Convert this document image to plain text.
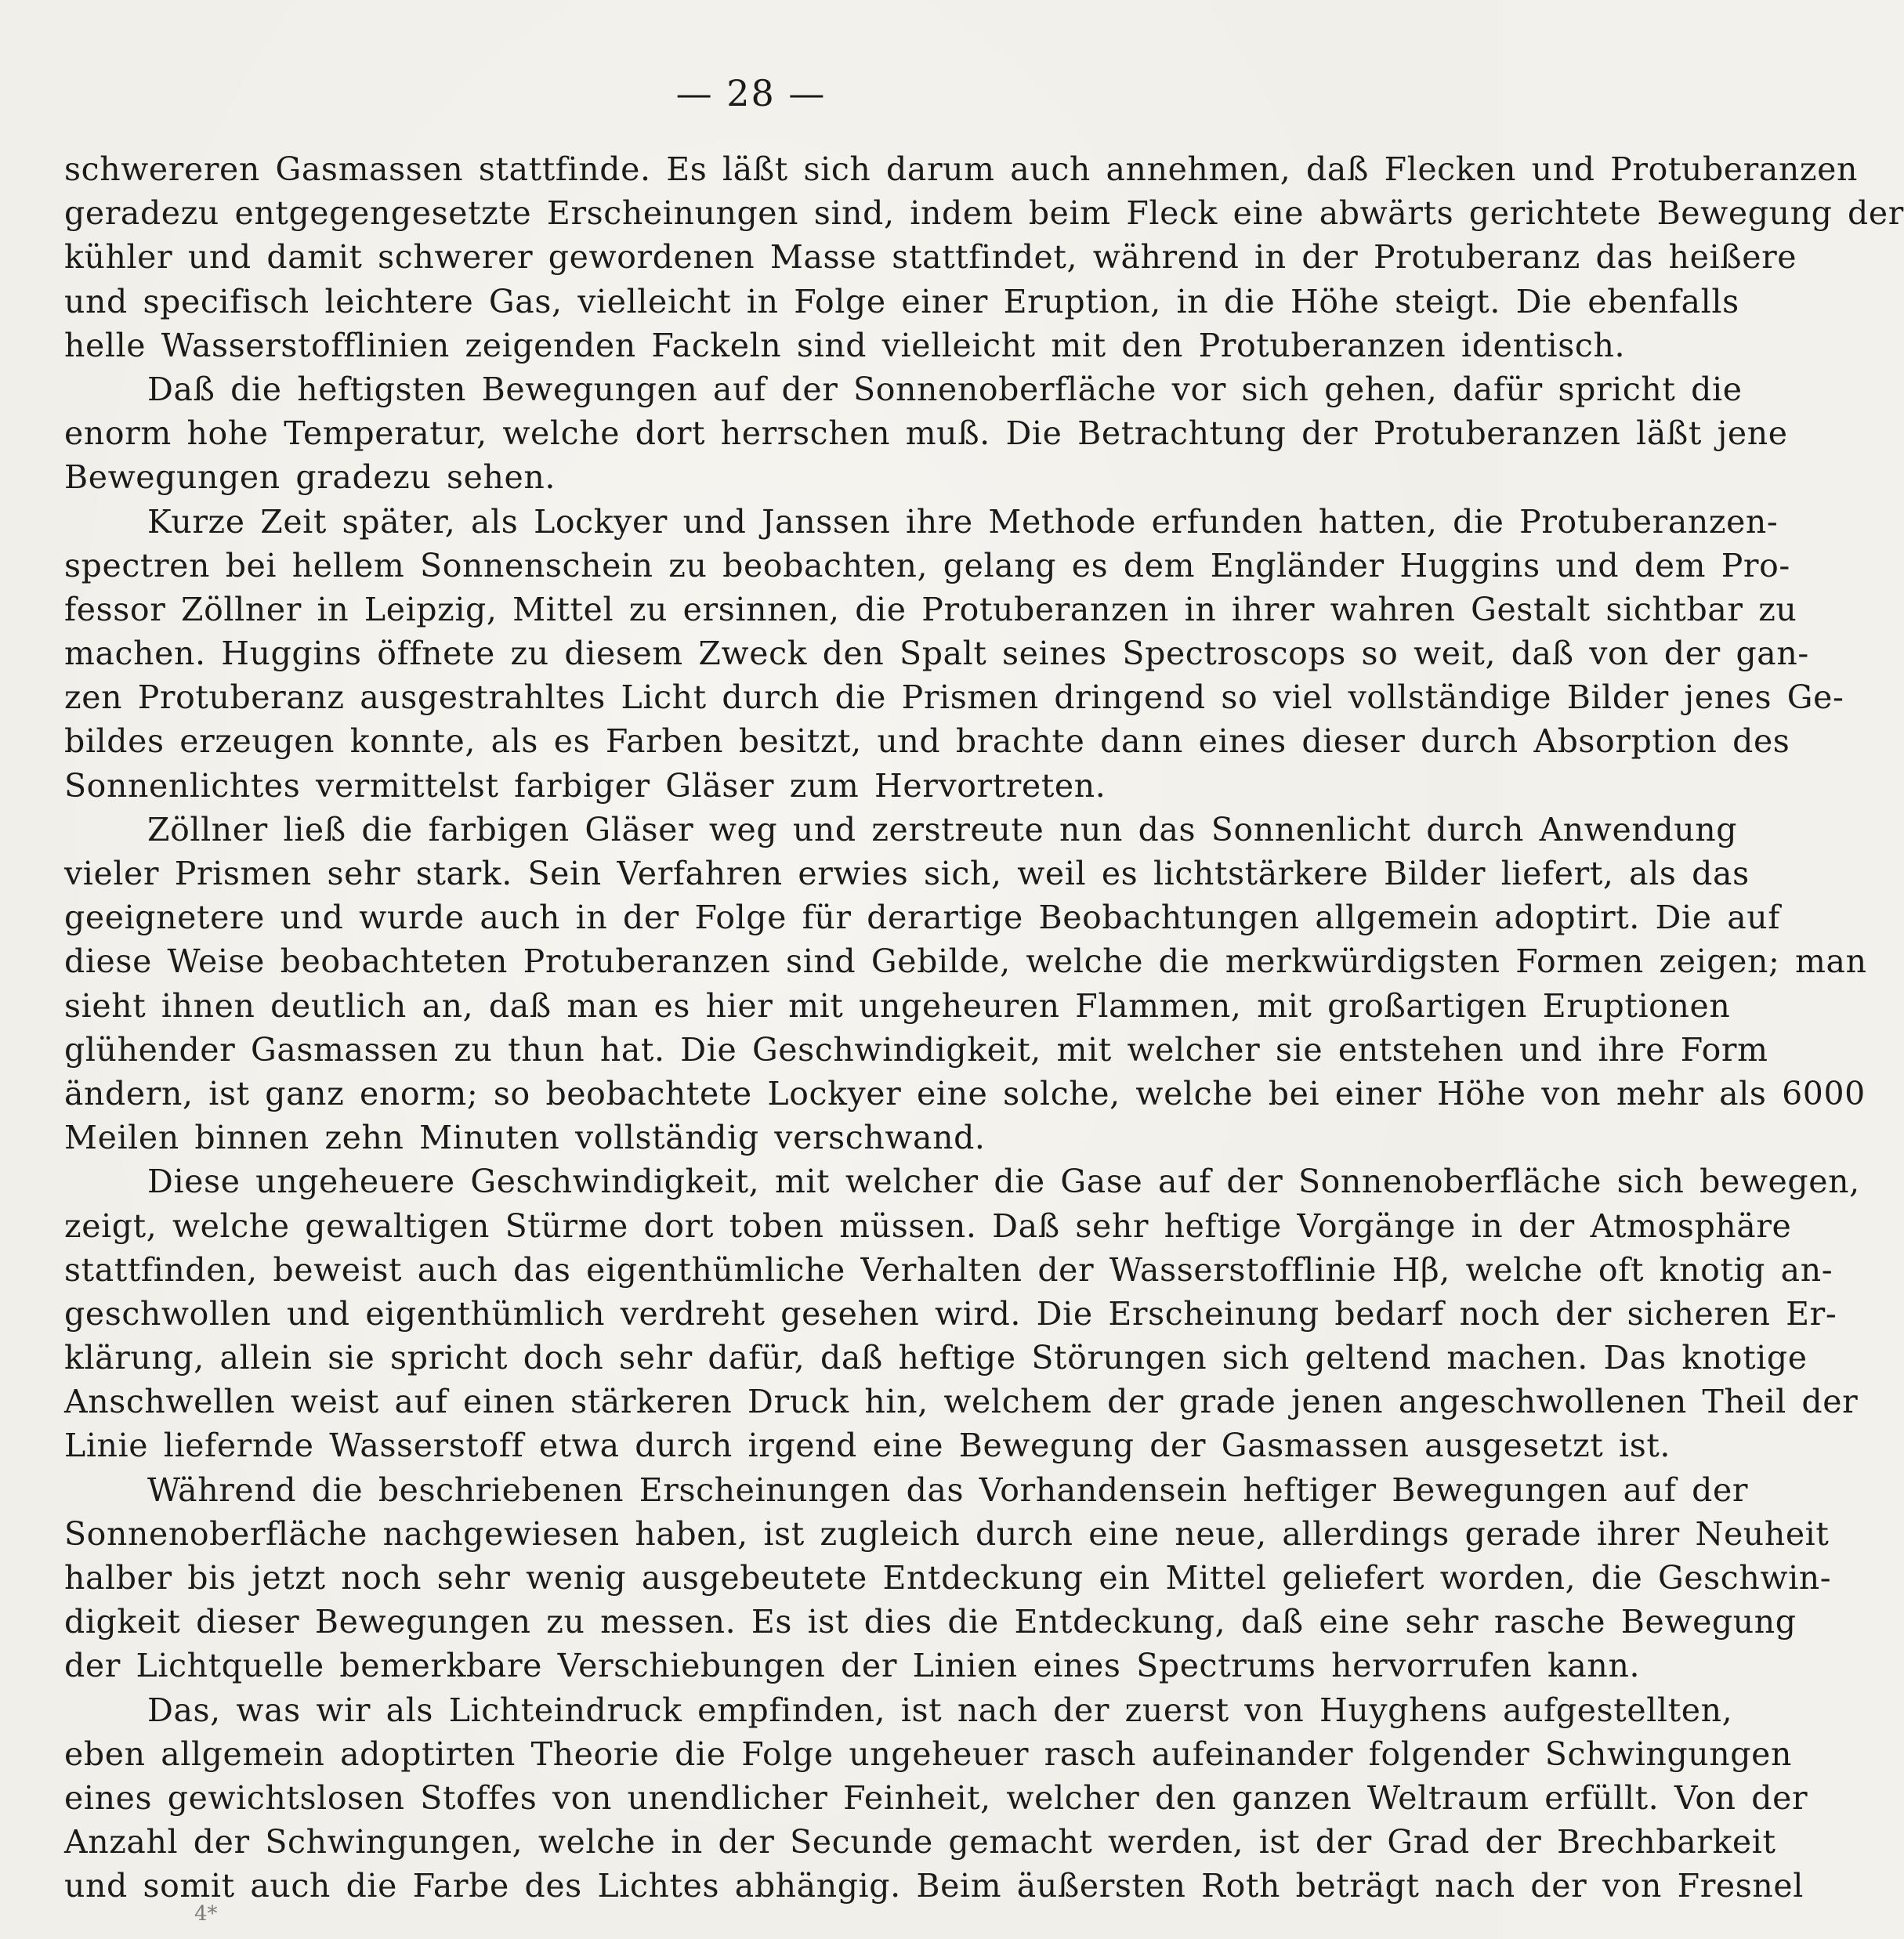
— 28 —
schwereren Gasmassen stattfinde. Es läßt sich darum auch annehmen, daß Flecken und Protuberanzen
geradezu entgegengesetzte Erscheinungen sind, indem beim Fleck eine abwärts gerichtete Bewegung der
kühler und damit schwerer gewordenen Masse stattfindet, während in der Protuberanz das heißere
und specifisch leichtere Gas, vielleicht in Folge einer Eruption, in die Höhe steigt. Die ebenfalls
helle Wasserstofflinien zeigenden Fackeln sind vielleicht mit den Protuberanzen identisch.
Daß die heftigsten Bewegungen auf der Sonnenoberfläche vor sich gehen, dafür spricht die
enorm hohe Temperatur, welche dort herrschen muß. Die Betrachtung der Protuberanzen läßt jene
Bewegungen gradezu sehen.
Kurze Zeit später, als Lockyer und Janssen ihre Methode erfunden hatten, die Protuberanzen-
spectren bei hellem Sonnenschein zu beobachten, gelang es dem Engländer Huggins und dem Pro-
fessor Zöllner in Leipzig, Mittel zu ersinnen, die Protuberanzen in ihrer wahren Gestalt sichtbar zu
machen. Huggins öffnete zu diesem Zweck den Spalt seines Spectroscops so weit, daß von der gan-
zen Protuberanz ausgestrahltes Licht durch die Prismen dringend so viel vollständige Bilder jenes Ge-
bildes erzeugen konnte, als es Farben besitzt, und brachte dann eines dieser durch Absorption des
Sonnenlichtes vermittelst farbiger Gläser zum Hervortreten.
Zöllner ließ die farbigen Gläser weg und zerstreute nun das Sonnenlicht durch Anwendung
vieler Prismen sehr stark. Sein Verfahren erwies sich, weil es lichtstärkere Bilder liefert, als das
geeignetere und wurde auch in der Folge für derartige Beobachtungen allgemein adoptirt. Die auf
diese Weise beobachteten Protuberanzen sind Gebilde, welche die merkwürdigsten Formen zeigen; man
sieht ihnen deutlich an, daß man es hier mit ungeheuren Flammen, mit großartigen Eruptionen
glühender Gasmassen zu thun hat. Die Geschwindigkeit, mit welcher sie entstehen und ihre Form
ändern, ist ganz enorm; so beobachtete Lockyer eine solche, welche bei einer Höhe von mehr als 6000
Meilen binnen zehn Minuten vollständig verschwand.
Diese ungeheuere Geschwindigkeit, mit welcher die Gase auf der Sonnenoberfläche sich bewegen,
zeigt, welche gewaltigen Stürme dort toben müssen. Daß sehr heftige Vorgänge in der Atmosphäre
stattfinden, beweist auch das eigenthümliche Verhalten der Wasserstofflinie Hβ, welche oft knotig an-
geschwollen und eigenthümlich verdreht gesehen wird. Die Erscheinung bedarf noch der sicheren Er-
klärung, allein sie spricht doch sehr dafür, daß heftige Störungen sich geltend machen. Das knotige
Anschwellen weist auf einen stärkeren Druck hin, welchem der grade jenen angeschwollenen Theil der
Linie liefernde Wasserstoff etwa durch irgend eine Bewegung der Gasmassen ausgesetzt ist.
Während die beschriebenen Erscheinungen das Vorhandensein heftiger Bewegungen auf der
Sonnenoberfläche nachgewiesen haben, ist zugleich durch eine neue, allerdings gerade ihrer Neuheit
halber bis jetzt noch sehr wenig ausgebeutete Entdeckung ein Mittel geliefert worden, die Geschwin-
digkeit dieser Bewegungen zu messen. Es ist dies die Entdeckung, daß eine sehr rasche Bewegung
der Lichtquelle bemerkbare Verschiebungen der Linien eines Spectrums hervorrufen kann.
Das, was wir als Lichteindruck empfinden, ist nach der zuerst von Huyghens aufgestellten,
eben allgemein adoptirten Theorie die Folge ungeheuer rasch aufeinander folgender Schwingungen
eines gewichtslosen Stoffes von unendlicher Feinheit, welcher den ganzen Weltraum erfüllt. Von der
Anzahl der Schwingungen, welche in der Secunde gemacht werden, ist der Grad der Brechbarkeit
und somit auch die Farbe des Lichtes abhängig. Beim äußersten Roth beträgt nach der von Fresnel
4*
